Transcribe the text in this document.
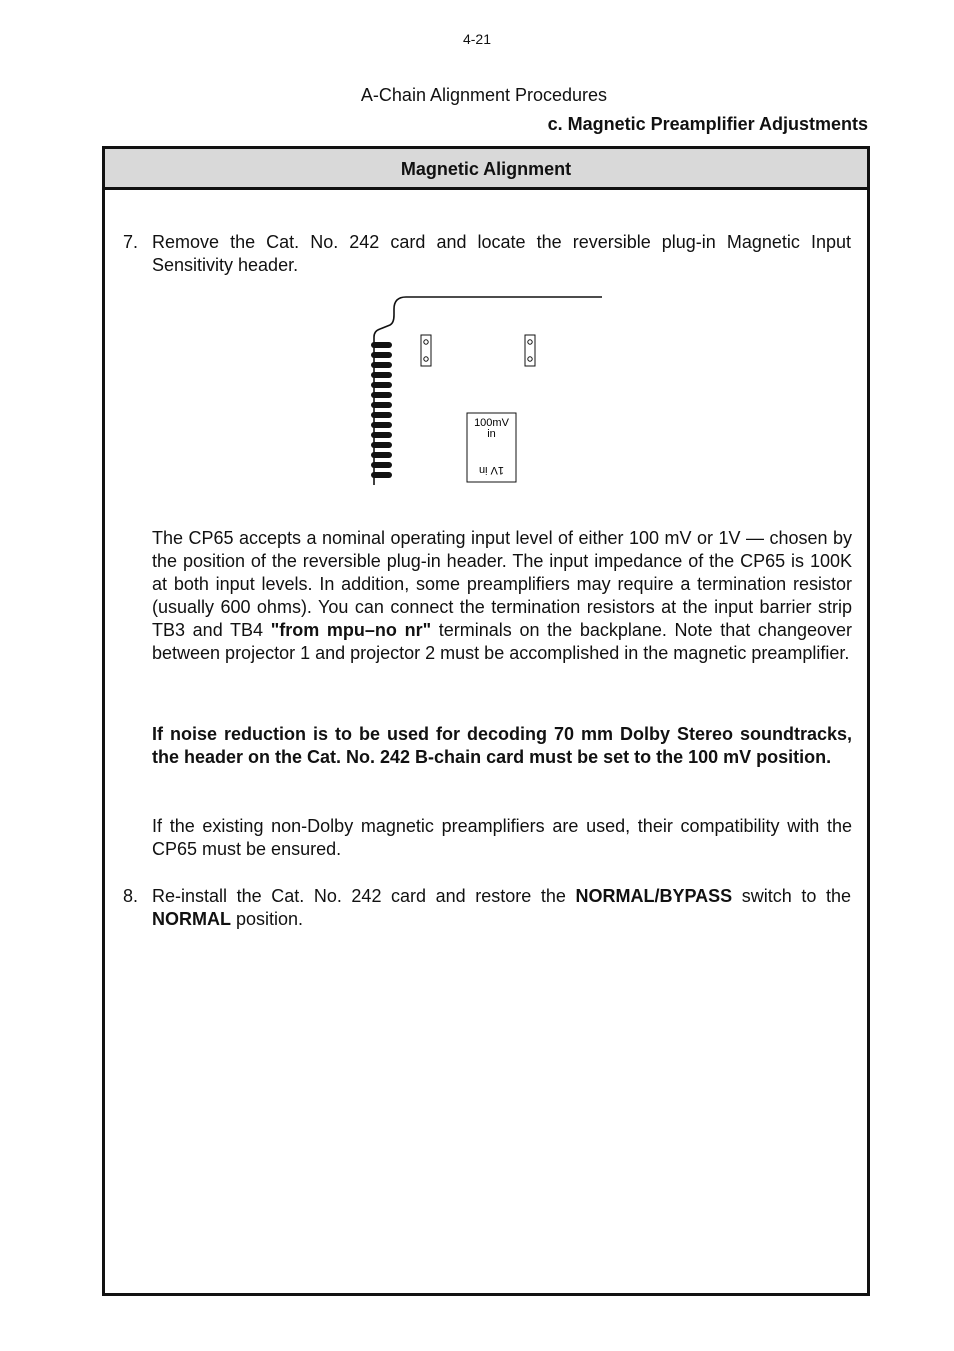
4-21
A-Chain Alignment Procedures
c. Magnetic Preamplifier Adjustments
Magnetic Alignment
7. Remove the Cat. No. 242 card and locate the reversible plug-in Magnetic Input Sensitivity header.
100mV
in
1V in
The CP65 accepts a nominal operating input level of either 100 mV or 1V — chosen by the position of the reversible plug-in header. The input impedance of the CP65 is 100K at both input levels. In addition, some preamplifiers may require a termination resistor (usually 600 ohms). You can connect the termination resistors at the input barrier strip TB3 and TB4 "from mpu–no nr" terminals on the backplane. Note that changeover between projector 1 and projector 2 must be accomplished in the magnetic preamplifier.
If noise reduction is to be used for decoding 70 mm Dolby Stereo soundtracks, the header on the Cat. No. 242 B-chain card must be set to the 100 mV position.
If the existing non-Dolby magnetic preamplifiers are used, their compatibility with the CP65 must be ensured.
8. Re-install the Cat. No. 242 card and restore the NORMAL/BYPASS switch to the NORMAL position.
